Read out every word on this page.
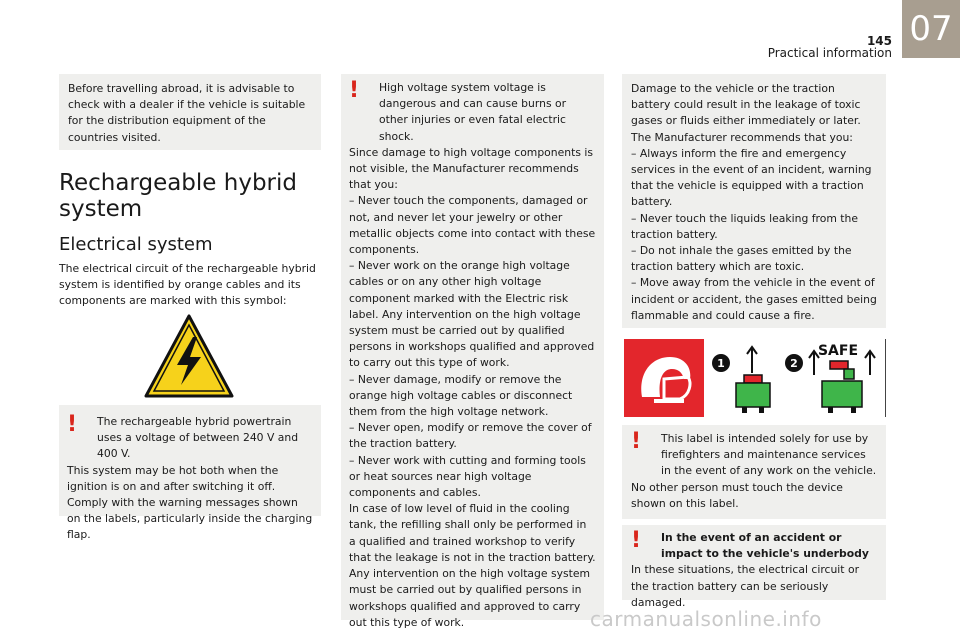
145
Practical information
07

Before travelling abroad, it is advisable to check with a dealer if the vehicle is suitable for the distribution equipment of the countries visited.

Rechargeable hybrid system
Electrical system

The electrical circuit of the rechargeable hybrid system is identified by orange cables and its components are marked with this symbol:

!	The rechargeable hybrid powertrain uses a voltage of between 240 V and 400 V.

This system may be hot both when the ignition is on and after switching it off.

Comply with the warning messages shown on the labels, particularly inside the charging flap.

!	High voltage system voltage is dangerous and can cause burns or other injuries or even fatal electric shock.

Since damage to high voltage components is not visible, the Manufacturer recommends that you:

– Never touch the components, damaged or not, and never let your jewelry or other metallic objects come into contact with these components.

– Never work on the orange high voltage cables or on any other high voltage component marked with the Electric risk label. Any intervention on the high voltage system must be carried out by qualified persons in workshops qualified and approved to carry out this type of work.

– Never damage, modify or remove the orange high voltage cables or disconnect them from the high voltage network.

– Never open, modify or remove the cover of the traction battery.

– Never work with cutting and forming tools or heat sources near high voltage components and cables.

In case of low level of fluid in the cooling tank, the refilling shall only be performed in a qualified and trained workshop to verify that the leakage is not in the traction battery.

Any intervention on the high voltage system must be carried out by qualified persons in workshops qualified and approved to carry out this type of work.

Damage to the vehicle or the traction battery could result in the leakage of toxic gases or fluids either immediately or later. The Manufacturer recommends that you:

– Always inform the fire and emergency services in the event of an incident, warning that the vehicle is equipped with a traction battery.

– Never touch the liquids leaking from the traction battery.

– Do not inhale the gases emitted by the traction battery which are toxic.

– Move away from the vehicle in the event of incident or accident, the gases emitted being flammable and could cause a fire.

1	2
SAFE
!	This label is intended solely for use by firefighters and maintenance services in the event of any work on the vehicle.

No other person must touch the device shown on this label.

!	In the event of an accident or impact to the vehicle's underbody

In these situations, the electrical circuit or the traction battery can be seriously damaged.

carmanualsonline.info
